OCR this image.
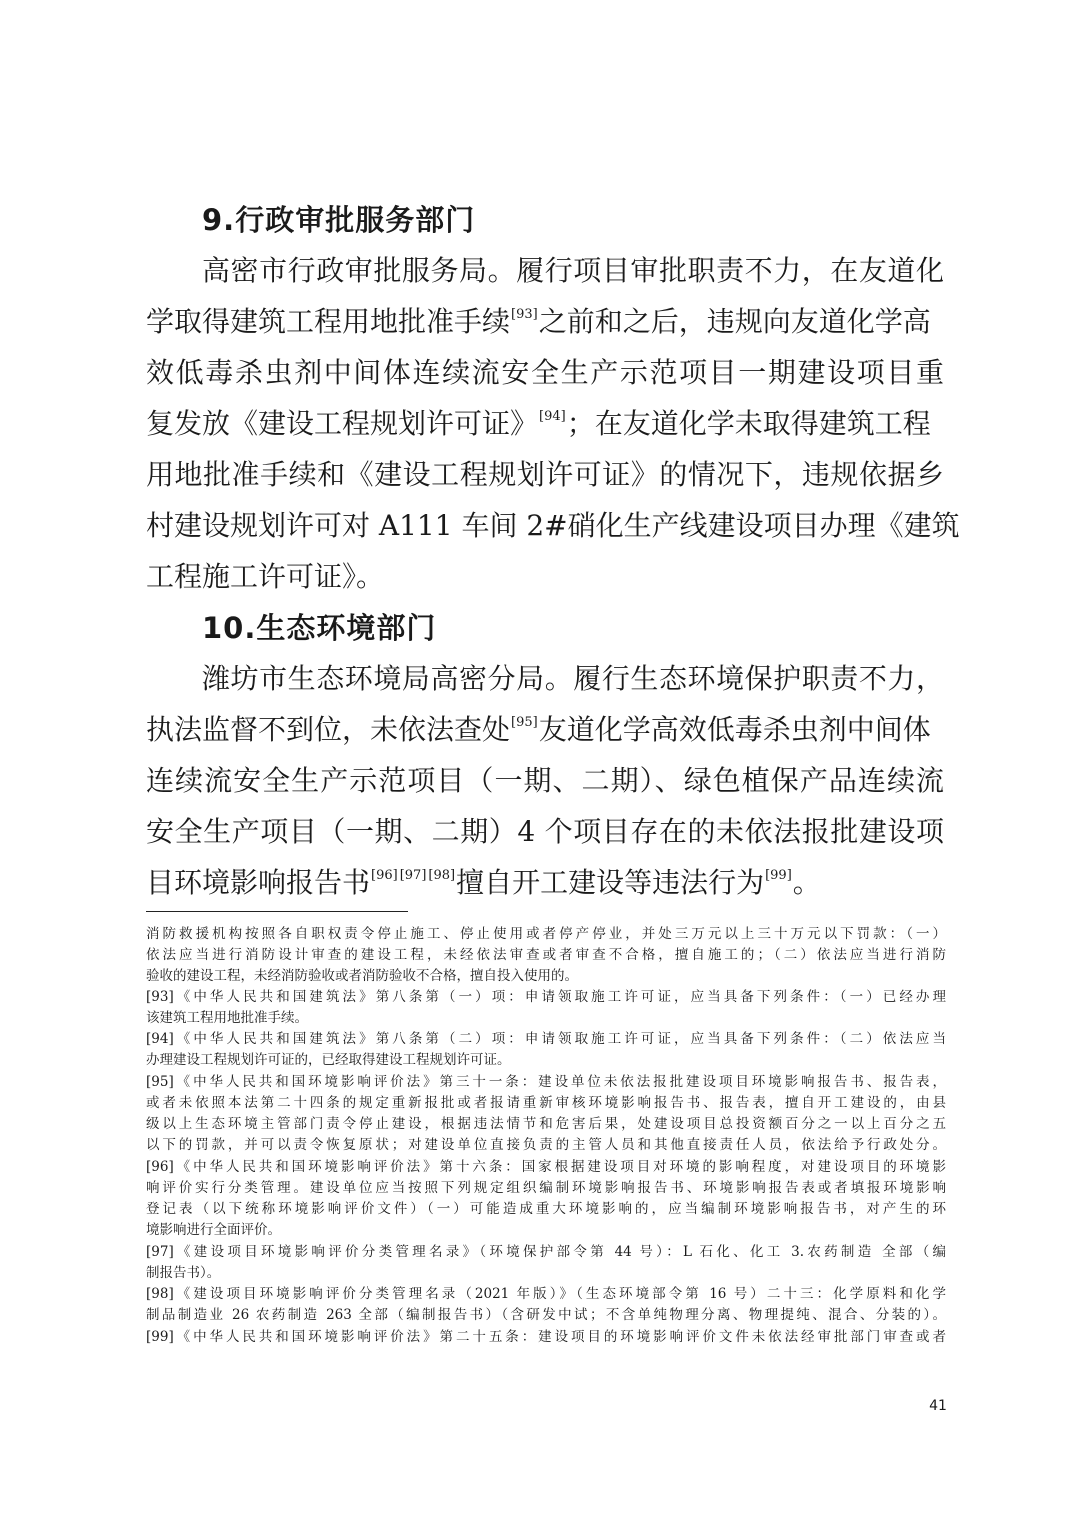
9.行政审批服务部门

高密市行政审批服务局。履行项目审批职责不力，在友道化

学取得建筑工程用地批准手续[93]之前和之后，违规向友道化学高

效低毒杀虫剂中间体连续流安全生产示范项目一期建设项目重

复发放《建设工程规划许可证》[94]；在友道化学未取得建筑工程

用地批准手续和《建设工程规划许可证》的情况下，违规依据乡

村建设规划许可对 A111 车间 2#硝化生产线建设项目办理《建筑

工程施工许可证》。

10.生态环境部门

潍坊市生态环境局高密分局。履行生态环境保护职责不力，

执法监督不到位，未依法查处[95]友道化学高效低毒杀虫剂中间体

连续流安全生产示范项目（一期、二期）、绿色植保产品连续流

安全生产项目（一期、二期）4 个项目存在的未依法报批建设项

目环境影响报告书[96] [97] [98]擅自开工建设等违法行为[99]。

消防救援机构按照各自职权责令停止施工、停止使用或者停产停业，并处三万元以上三十万元以下罚款：（一）

依法应当进行消防设计审查的建设工程，未经依法审查或者审查不合格，擅自施工的；（二）依法应当进行消防

验收的建设工程，未经消防验收或者消防验收不合格，擅自投入使用的。

[93]《中华人民共和国建筑法》第八条第（一）项：申请领取施工许可证，应当具备下列条件：（一）已经办理

该建筑工程用地批准手续。

[94]《中华人民共和国建筑法》第八条第（二）项：申请领取施工许可证，应当具备下列条件：（二）依法应当

办理建设工程规划许可证的，已经取得建设工程规划许可证。

[95]《中华人民共和国环境影响评价法》第三十一条：建设单位未依法报批建设项目环境影响报告书、报告表，

或者未依照本法第二十四条的规定重新报批或者报请重新审核环境影响报告书、报告表，擅自开工建设的，由县

级以上生态环境主管部门责令停止建设，根据违法情节和危害后果，处建设项目总投资额百分之一以上百分之五

以下的罚款，并可以责令恢复原状；对建设单位直接负责的主管人员和其他直接责任人员，依法给予行政处分。

[96]《中华人民共和国环境影响评价法》第十六条：国家根据建设项目对环境的影响程度，对建设项目的环境影

响评价实行分类管理。建设单位应当按照下列规定组织编制环境影响报告书、环境影响报告表或者填报环境影响

登记表（以下统称环境影响评价文件）（一）可能造成重大环境影响的，应当编制环境影响报告书，对产生的环

境影响进行全面评价。

[97]《建设项目环境影响评价分类管理名录》（环境保护部令第 44 号）：L 石化、化工 3.农药制造 全部（编

制报告书）。

[98]《建设项目环境影响评价分类管理名录（2021 年版）》（生态环境部令第 16 号）二十三：化学原料和化学

制品制造业 26 农药制造 263 全部（编制报告书）（含研发中试；不含单纯物理分离、物理提纯、混合、分装的）。

[99]《中华人民共和国环境影响评价法》第二十五条：建设项目的环境影响评价文件未依法经审批部门审查或者

41
